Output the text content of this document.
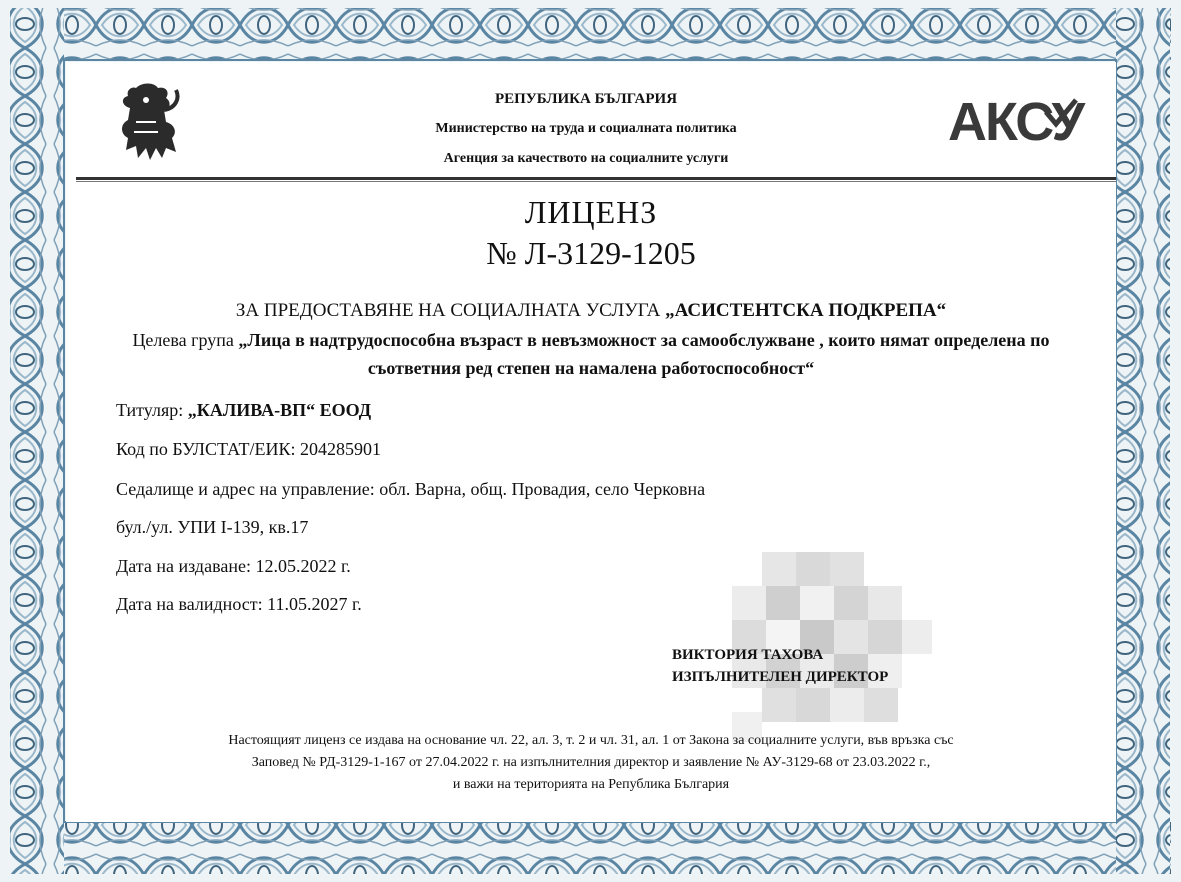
РЕПУБЛИКА БЪЛГАРИЯ
Министерство на труда и социалната политика
Агенция за качеството на социалните услуги
АКСУ
ЛИЦЕНЗ
№ Л-3129-1205
ЗА ПРЕДОСТАВЯНЕ НА СОЦИАЛНАТА УСЛУГА „АСИСТЕНТСКА ПОДКРЕПА“
Целева група „Лица в надтрудоспособна възраст в невъзможност за самообслужване , които нямат определена по съответния ред степен на намалена работоспособност“
Титуляр: „КАЛИВА-ВП“ ЕООД
Код по БУЛСТАТ/ЕИК: 204285901
Седалище и адрес на управление: обл. Варна, общ. Провадия, село Черковна
бул./ул. УПИ I-139, кв.17
Дата на издаване: 12.05.2022 г.
Дата на валидност: 11.05.2027 г.
ВИКТОРИЯ ТАХОВА
ИЗПЪЛНИТЕЛЕН ДИРЕКТОР
Настоящият лиценз се издава на основание чл. 22, ал. 3, т. 2 и чл. 31, ал. 1 от Закона за социалните услуги, във връзка със
Заповед № РД-3129-1-167 от 27.04.2022 г. на изпълнителния директор и заявление № АУ-3129-68 от 23.03.2022 г.,
и важи на територията на Република България
